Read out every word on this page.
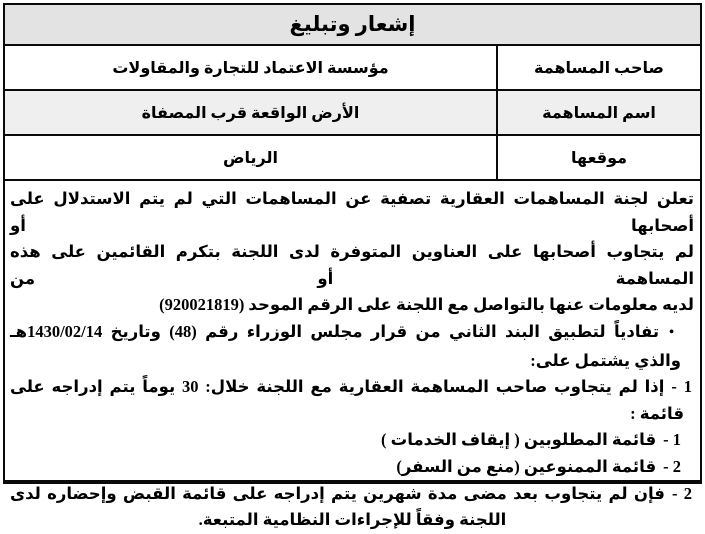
إشعار وتبليغ
صاحب المساهمة
مؤسسة الاعتماد للتجارة والمقاولات
اسم المساهمة
الأرض الواقعة قرب المصفاة
موقعها
الرياض
تعلن لجنة المساهمات العقارية تصفية عن المساهمات التي لم يتم الاستدلال على أصحابها أو
لم يتجاوب أصحابها على العناوين المتوفرة لدى اللجنة بتكرم القائمين على هذه المساهمة أو من
لديه معلومات عنها بالتواصل مع اللجنة على الرقم الموحد (920021819)
•تفادياً لتطبيق البند الثاني من قرار مجلس الوزراء رقم (48) وتاريخ 1430/02/14هـ
والذي يشتمل على:
1 -إذا لم يتجاوب صاحب المساهمة العقارية مع اللجنة خلال: 30 يوماً يتم إدراجه على
قائمة :
1 -قائمة المطلوبين ( إيقاف الخدمات )
2 -قائمة الممنوعين (منع من السفر)
2 -فإن لم يتجاوب بعد مضى مدة شهرين يتم إدراجه على قائمة القبض وإحضاره لدى
اللجنة وفقاً للإجراءات النظامية المتبعة.
